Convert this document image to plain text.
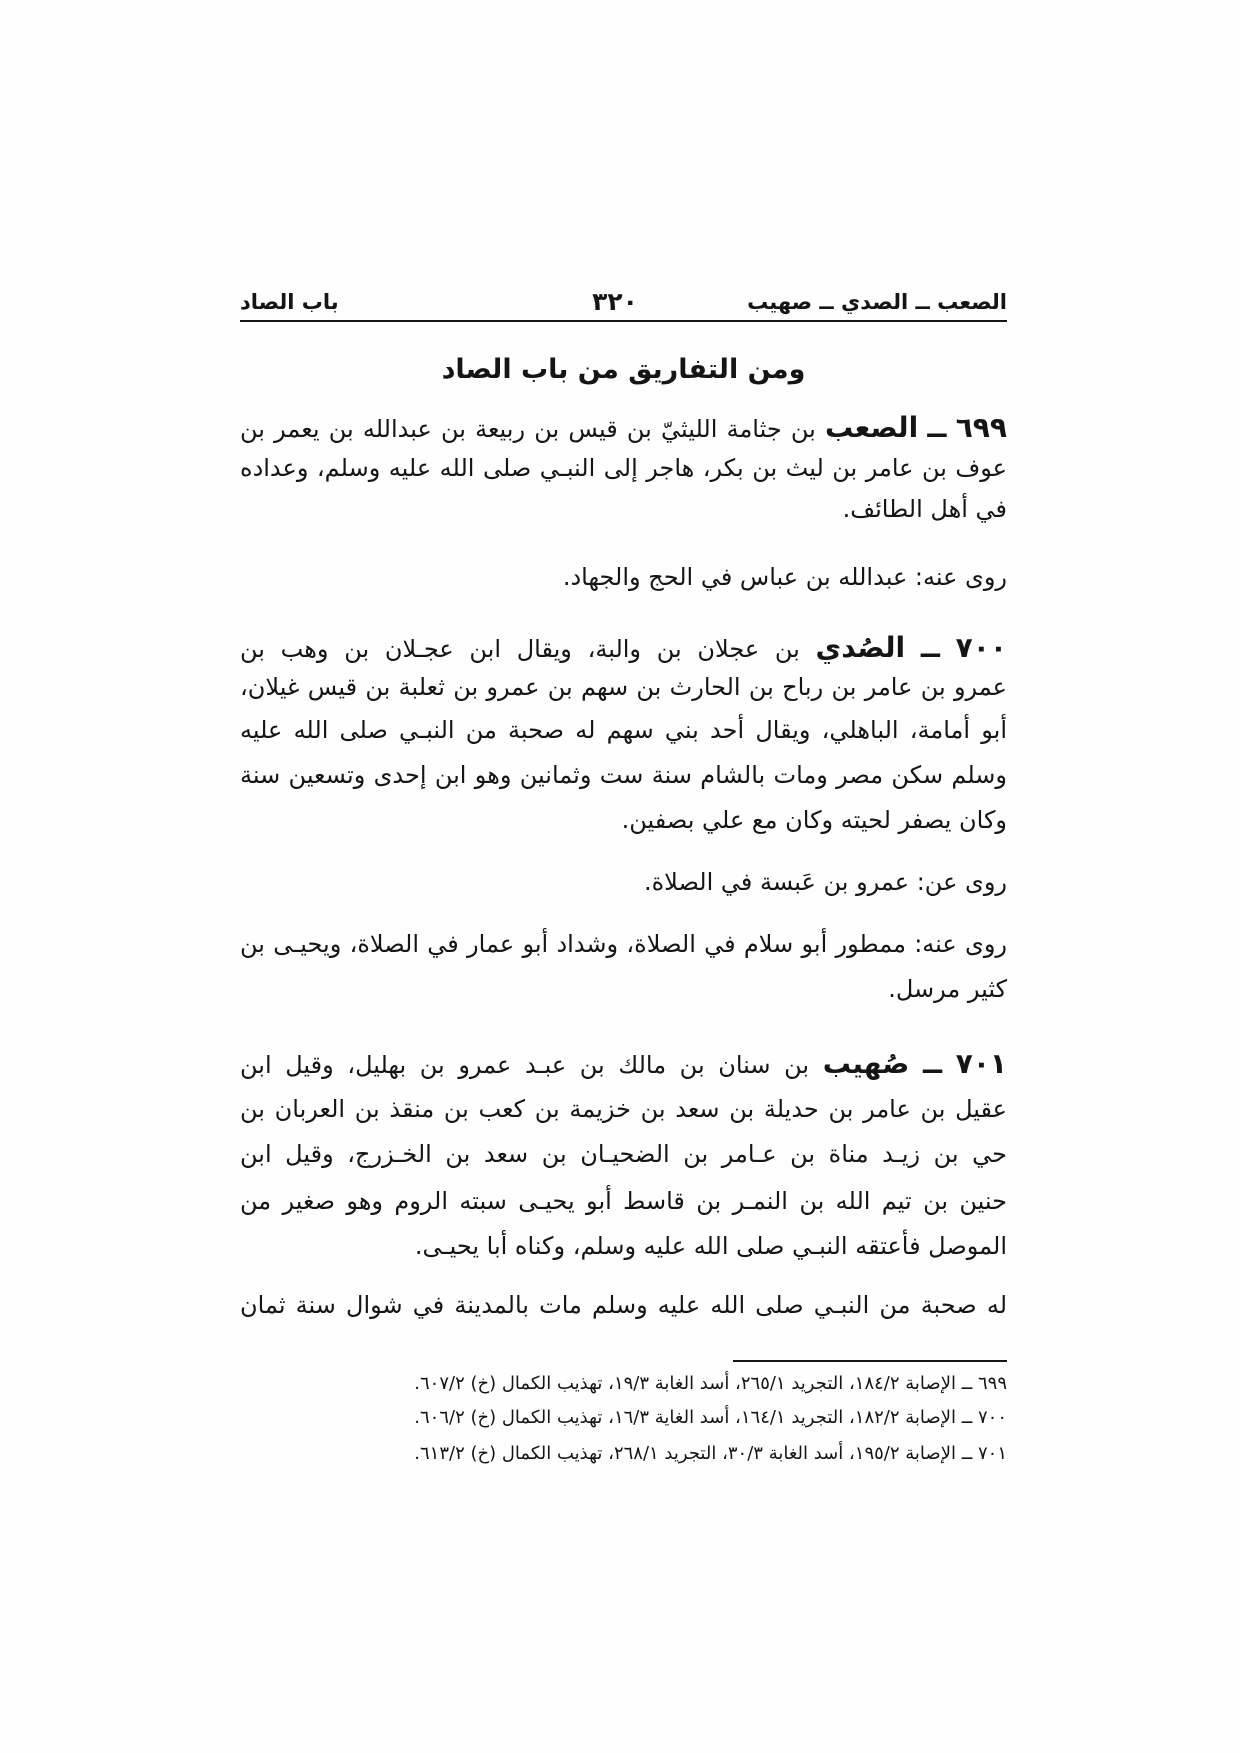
الصعب ــ الصدي ــ صهيب
٣٢٠
باب الصاد
ومن التفاريق من باب الصاد
٦٩٩ ــ الصعب بن جثامة الليثيّ بن قيس بن ربيعة بن عبدالله بن يعمر بن
عوف بن عامر بن ليث بن بكر، هاجر إلى النبـي صلى الله عليه وسلم، وعداده
في أهل الطائف.
روى عنه: عبدالله بن عباس في الحج والجهاد.
٧٠٠ ــ الصُدي بن عجلان بن والبة، ويقال ابن عجـلان بن وهب بن
عمرو بن عامر بن رباح بن الحارث بن سهم بن عمرو بن ثعلبة بن قيس غيلان،
أبو أمامة، الباهلي، ويقال أحد بني سهم له صحبة من النبـي صلى الله عليه
وسلم سكن مصر ومات بالشام سنة ست وثمانين وهو ابن إحدى وتسعين سنة
وكان يصفر لحيته وكان مع علي بصفين.
روى عن: عمرو بن عَبسة في الصلاة.
روى عنه: ممطور أبو سلام في الصلاة، وشداد أبو عمار في الصلاة، ويحيـى بن
كثير مرسل.
٧٠١ ــ صُهيب بن سنان بن مالك بن عبـد عمرو بن بهليل، وقيل ابن
عقيل بن عامر بن حديلة بن سعد بن خزيمة بن كعب بن منقذ بن العربان بن
حي بن زيـد مناة بن عـامر بن الضحيـان بن سعد بن الخـزرج، وقيل ابن
حنين بن تيم الله بن النمـر بن قاسط أبو يحيـى سبته الروم وهو صغير من
الموصل فأعتقه النبـي صلى الله عليه وسلم، وكناه أبا يحيـى.
له صحبة من النبـي صلى الله عليه وسلم مات بالمدينة في شوال سنة ثمان
٦٩٩ ــ الإصابة ١٨٤/٢، التجريد ٢٦٥/١، أسد الغابة ١٩/٣، تهذيب الكمال (خ) ٦٠٧/٢.
٧٠٠ ــ الإصابة ١٨٢/٢، التجريد ١٦٤/١، أسد الغاية ١٦/٣، تهذيب الكمال (خ) ٦٠٦/٢.
٧٠١ ــ الإصابة ١٩٥/٢، أسد الغابة ٣٠/٣، التجريد ٢٦٨/١، تهذيب الكمال (خ) ٦١٣/٢.
